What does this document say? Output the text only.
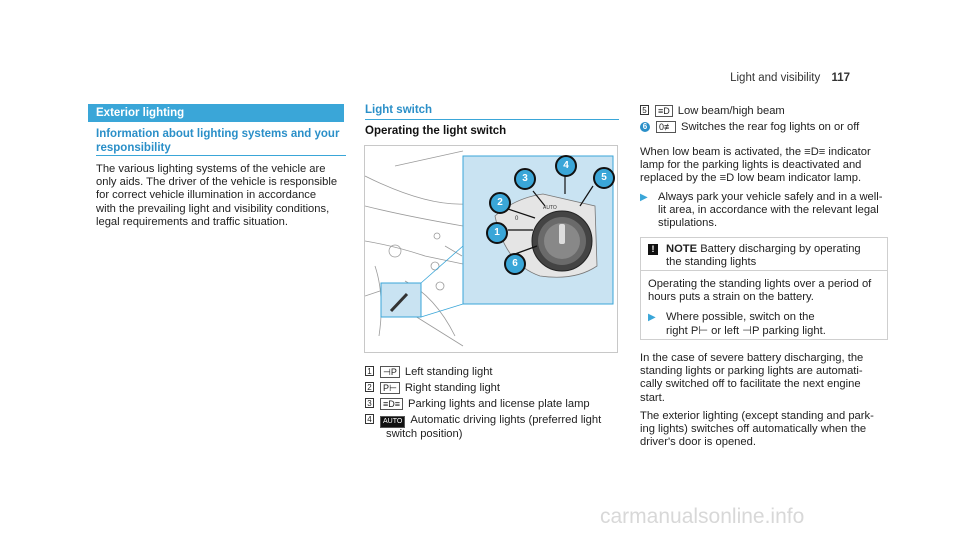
Light and visibility 117
Exterior lighting
Information about lighting systems and your
responsibility
The various lighting systems of the vehicle are
only aids. The driver of the vehicle is responsible
for correct vehicle illumination in accordance
with the prevailing light and visibility conditions,
legal requirements and traffic situation.
Light switch
Operating the light switch
AUTO
0
1
2
3
4
5
6
1 ⊣P Left standing light
2 P⊢ Right standing light
3 ≡D≡ Parking lights and license plate lamp
4 AUTO Automatic driving lights (preferred light
switch position)
5 ≡D Low beam/high beam
6 0≢ Switches the rear fog lights on or off
When low beam is activated, the ≡D≡ indicator
lamp for the parking lights is deactivated and
replaced by the ≡D low beam indicator lamp.
▶ Always park your vehicle safely and in a well-
lit area, in accordance with the relevant legal
stipulations.
! NOTE Battery discharging by operating
the standing lights
Operating the standing lights over a period of
hours puts a strain on the battery.
▶ Where possible, switch on the
right P⊢ or left ⊣P parking light.
In the case of severe battery discharging, the
standing lights or parking lights are automati-
cally switched off to facilitate the next engine
start.
The exterior lighting (except standing and park-
ing lights) switches off automatically when the
driver's door is opened.
carmanualsonline.info
